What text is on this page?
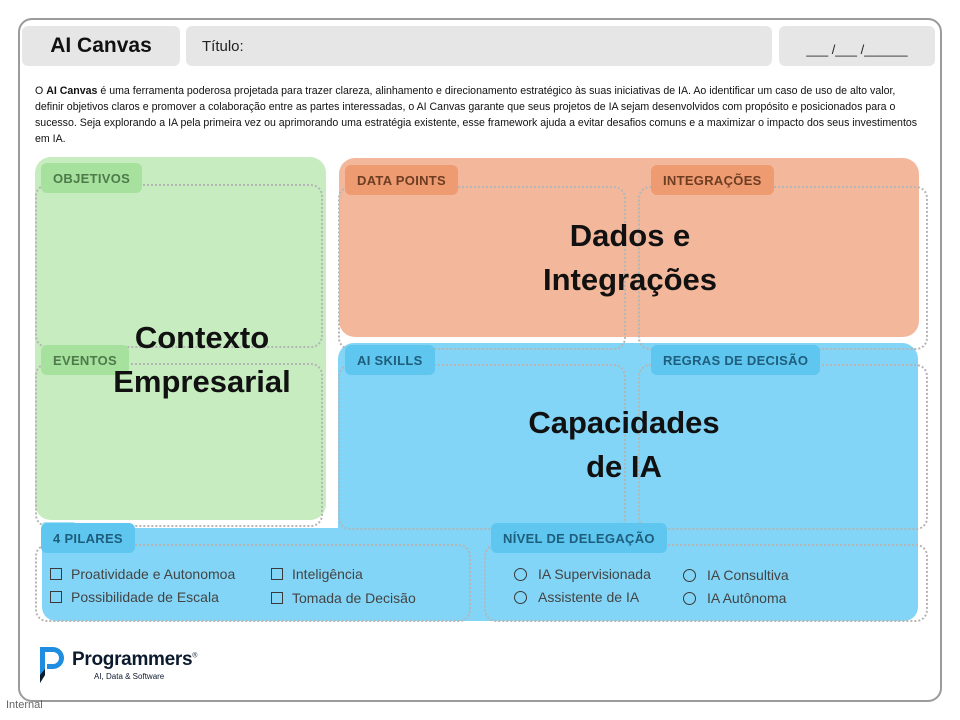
AI Canvas	Título:	___ /___ /______

O AI Canvas é uma ferramenta poderosa projetada para trazer clareza, alinhamento e direcionamento estratégico às suas iniciativas de IA. Ao identificar um caso de uso de alto valor, definir objetivos claros e promover a colaboração entre as partes interessadas, o AI Canvas garante que seus projetos de IA sejam desenvolvidos com propósito e posicionados para o sucesso. Seja explorando a IA pela primeira vez ou aprimorando uma estratégia existente, esse framework ajuda a evitar desafios comuns e a maximizar o impacto dos seus investimentos em IA.

OBJETIVOS
EVENTOS
DATA POINTS	INTEGRAÇÕES
AI SKILLS	REGRAS DE DECISÃO
4 PILARES	NÍVEL DE DELEGAÇÃO
Contexto
Empresarial
Dados e
Integrações
Capacidades
de IA
Proatividade e Autonomoa
Possibilidade de Escala
Inteligência
Tomada de Decisão
IA Supervisionada
Assistente de IA
IA Consultiva
IA Autônoma
Programmers®
AI, Data & Software
Internal
